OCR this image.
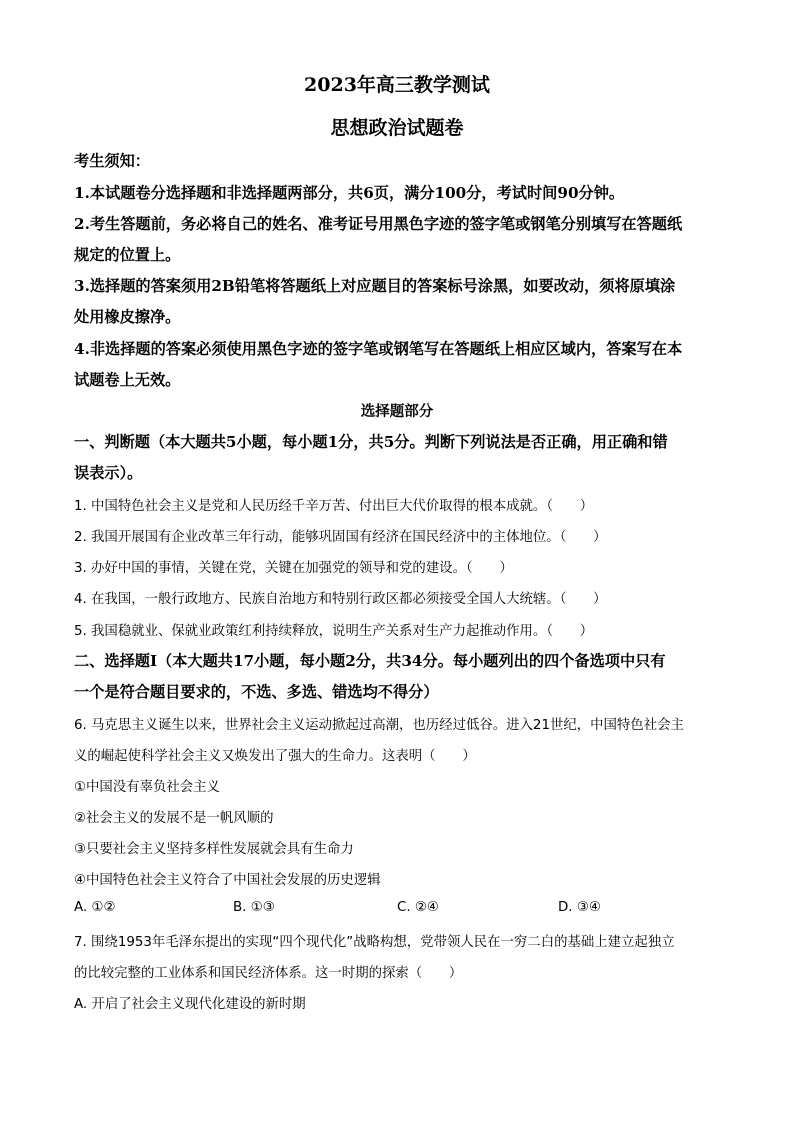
2023年高三教学测试
思想政治试题卷
考生须知：
1.本试题卷分选择题和非选择题两部分，共6页，满分100分，考试时间90分钟。
2.考生答题前，务必将自己的姓名、准考证号用黑色字迹的签字笔或钢笔分别填写在答题纸
规定的位置上。
3.选择题的答案须用2B铅笔将答题纸上对应题目的答案标号涂黑，如要改动，须将原填涂
处用橡皮擦净。
4.非选择题的答案必须使用黑色字迹的签字笔或钢笔写在答题纸上相应区域内，答案写在本
试题卷上无效。
选择题部分
一、判断题（本大题共5小题，每小题1分，共5分。判断下列说法是否正确，用正确和错
误表示）。
1. 中国特色社会主义是党和人民历经千辛万苦、付出巨大代价取得的根本成就。（　　）
2. 我国开展国有企业改革三年行动，能够巩固国有经济在国民经济中的主体地位。（　　）
3. 办好中国的事情，关键在党，关键在加强党的领导和党的建设。（　　）
4. 在我国，一般行政地方、民族自治地方和特别行政区都必须接受全国人大统辖。（　　）
5. 我国稳就业、保就业政策红利持续释放，说明生产关系对生产力起推动作用。（　　）
二、选择题Ⅰ（本大题共17小题，每小题2分，共34分。每小题列出的四个备选项中只有
一个是符合题目要求的，不选、多选、错选均不得分）
6. 马克思主义诞生以来，世界社会主义运动掀起过高潮，也历经过低谷。进入21世纪，中国特色社会主
义的崛起使科学社会主义又焕发出了强大的生命力。这表明（　　）
①中国没有辜负社会主义
②社会主义的发展不是一帆风顺的
③只要社会主义坚持多样性发展就会具有生命力
④中国特色社会主义符合了中国社会发展的历史逻辑
A. ①②	B. ①③	C. ②④	D. ③④
7. 围绕1953年毛泽东提出的实现“四个现代化”战略构想，党带领人民在一穷二白的基础上建立起独立
的比较完整的工业体系和国民经济体系。这一时期的探索（　　）
A. 开启了社会主义现代化建设的新时期
